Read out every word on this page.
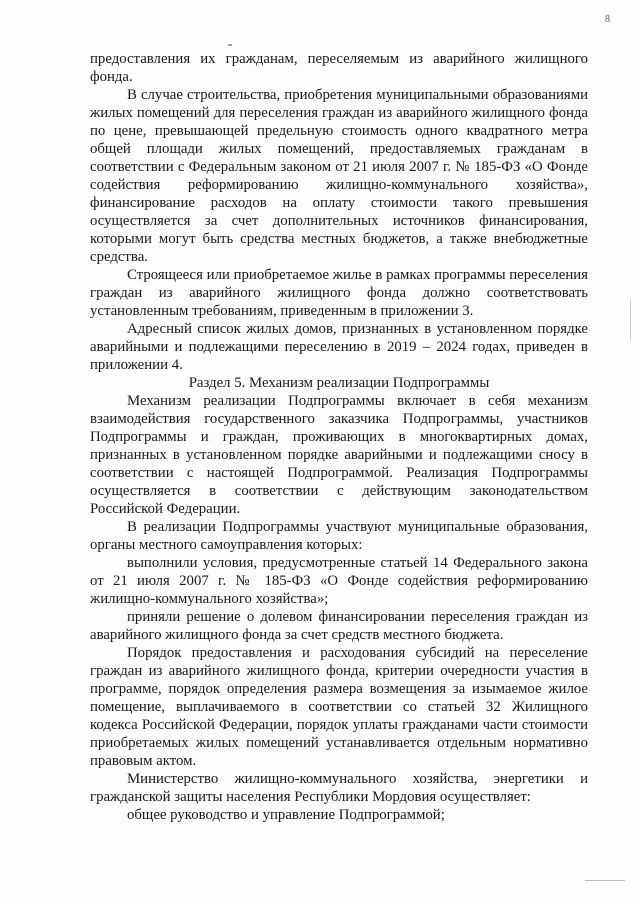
8

предоставления их гражданам, переселяемым из аварийного жилищного фонда.

В случае строительства, приобретения муниципальными образованиями жилых помещений для переселения граждан из аварийного жилищного фонда по цене, превышающей предельную стоимость одного квадратного метра общей площади жилых помещений, предоставляемых гражданам в соответствии с Федеральным законом от 21 июля 2007 г. № 185-ФЗ «О Фонде содействия реформированию жилищно-коммунального хозяйства», финансирование расходов на оплату стоимости такого превышения осуществляется за счет дополнительных источников финансирования, которыми могут быть средства местных бюджетов, а также внебюджетные средства.

Строящееся или приобретаемое жилье в рамках программы переселения граждан из аварийного жилищного фонда должно соответствовать установленным требованиям, приведенным в приложении 3.

Адресный список жилых домов, признанных в установленном порядке аварийными и подлежащими переселению в 2019 – 2024 годах, приведен в приложении 4.

Раздел 5. Механизм реализации Подпрограммы

Механизм реализации Подпрограммы включает в себя механизм взаимодействия государственного заказчика Подпрограммы, участников Подпрограммы и граждан, проживающих в многоквартирных домах, признанных в установленном порядке аварийными и подлежащими сносу в соответствии с настоящей Подпрограммой. Реализация Подпрограммы осуществляется в соответствии с действующим законодательством Российской Федерации.

В реализации Подпрограммы участвуют муниципальные образования, органы местного самоуправления которых:

выполнили условия, предусмотренные статьей 14 Федерального закона от 21 июля 2007 г. № 185-ФЗ «О Фонде содействия реформированию жилищно-коммунального хозяйства»;

приняли решение о долевом финансировании переселения граждан из аварийного жилищного фонда за счет средств местного бюджета.

Порядок предоставления и расходования субсидий на переселение граждан из аварийного жилищного фонда, критерии очередности участия в программе, порядок определения размера возмещения за изымаемое жилое помещение, выплачиваемого в соответствии со статьей 32 Жилищного кодекса Российской Федерации, порядок уплаты гражданами части стоимости приобретаемых жилых помещений устанавливается отдельным нормативно правовым актом.

Министерство жилищно-коммунального хозяйства, энергетики и гражданской защиты населения Республики Мордовия осуществляет:

общее руководство и управление Подпрограммой;
